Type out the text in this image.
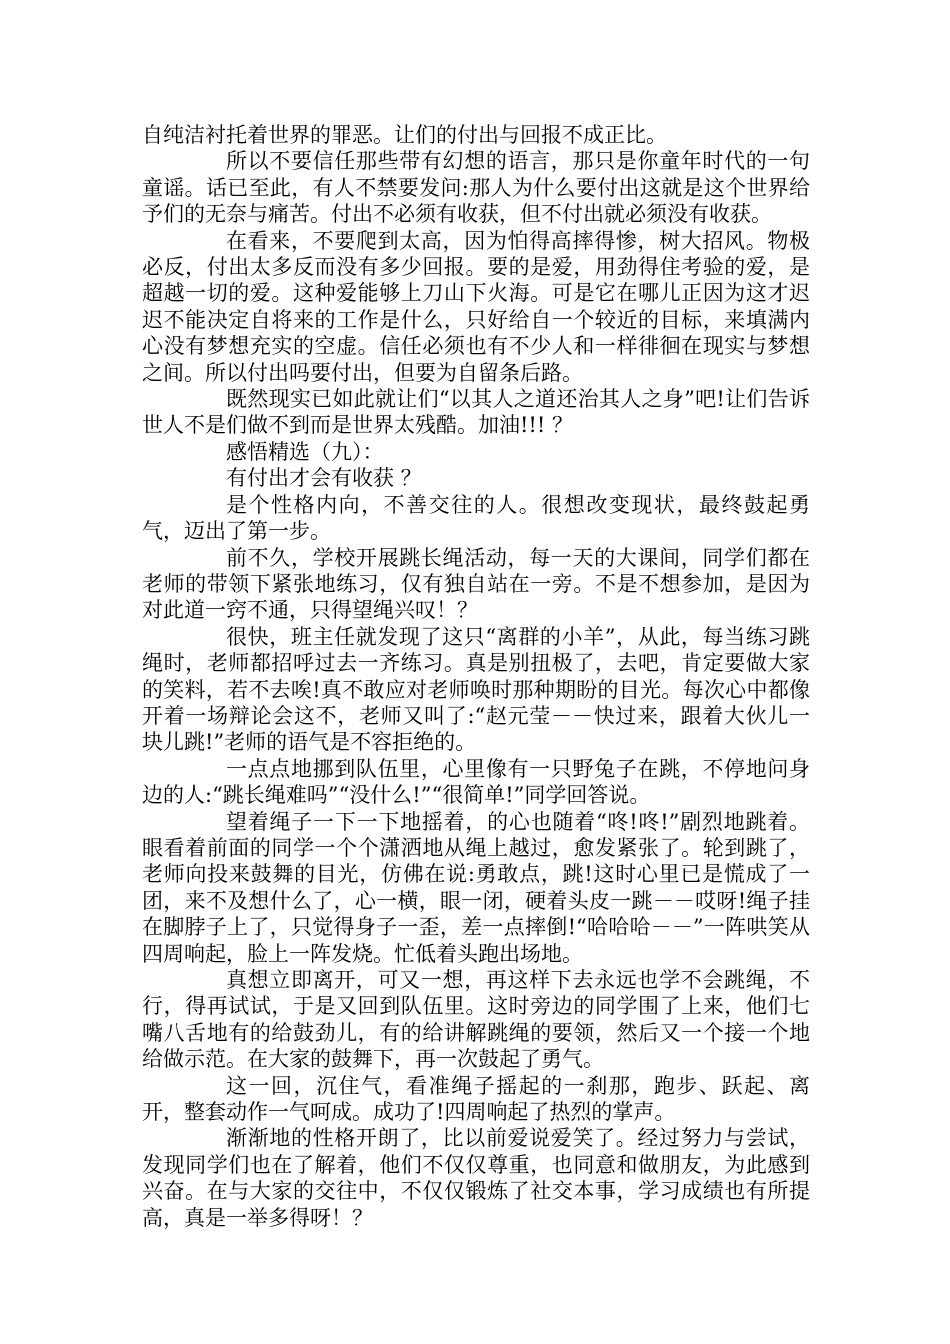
自纯洁衬托着世界的罪恶。让们的付出与回报不成正比。

所以不要信任那些带有幻想的语言，那只是你童年时代的一句童谣。话已至此，有人不禁要发问:那人为什么要付出这就是这个世界给予们的无奈与痛苦。付出不必须有收获，但不付出就必须没有收获。

在看来，不要爬到太高，因为怕得高摔得惨，树大招风。物极必反，付出太多反而没有多少回报。要的是爱，用劲得住考验的爱，是超越一切的爱。这种爱能够上刀山下火海。可是它在哪儿正因为这才迟迟不能决定自将来的工作是什么，只好给自一个较近的目标，来填满内心没有梦想充实的空虚。信任必须也有不少人和一样徘徊在现实与梦想之间。所以付出吗要付出，但要为自留条后路。

既然现实已如此就让们“以其人之道还治其人之身”吧!让们告诉世人不是们做不到而是世界太残酷。加油!!! ？

感悟精选（九）：

有付出才会有收获 ？

是个性格内向，不善交往的人。很想改变现状，最终鼓起勇气，迈出了第一步。

前不久，学校开展跳长绳活动，每一天的大课间，同学们都在老师的带领下紧张地练习，仅有独自站在一旁。不是不想参加，是因为对此道一窍不通，只得望绳兴叹！？

很快，班主任就发现了这只“离群的小羊”，从此，每当练习跳绳时，老师都招呼过去一齐练习。真是别扭极了，去吧，肯定要做大家的笑料，若不去唉!真不敢应对老师唤时那种期盼的目光。每次心中都像开着一场辩论会这不，老师又叫了:“赵元莹－－快过来，跟着大伙儿一块儿跳!”老师的语气是不容拒绝的。

一点点地挪到队伍里，心里像有一只野兔子在跳，不停地问身边的人:“跳长绳难吗”“没什么!”“很简单!”同学回答说。

望着绳子一下一下地摇着，的心也随着“咚!咚!”剧烈地跳着。眼看着前面的同学一个个潇洒地从绳上越过，愈发紧张了。轮到跳了，老师向投来鼓舞的目光，仿佛在说:勇敢点，跳!这时心里已是慌成了一团，来不及想什么了，心一横，眼一闭，硬着头皮一跳－－哎呀!绳子挂在脚脖子上了，只觉得身子一歪，差一点摔倒!“哈哈哈－－”一阵哄笑从四周响起，脸上一阵发烧。忙低着头跑出场地。

真想立即离开，可又一想，再这样下去永远也学不会跳绳，不行，得再试试，于是又回到队伍里。这时旁边的同学围了上来，他们七嘴八舌地有的给鼓劲儿，有的给讲解跳绳的要领，然后又一个接一个地给做示范。在大家的鼓舞下，再一次鼓起了勇气。

这一回，沉住气，看准绳子摇起的一刹那，跑步、跃起、离开，整套动作一气呵成。成功了!四周响起了热烈的掌声。

渐渐地的性格开朗了，比以前爱说爱笑了。经过努力与尝试，发现同学们也在了解着，他们不仅仅尊重，也同意和做朋友，为此感到兴奋。在与大家的交往中，不仅仅锻炼了社交本事，学习成绩也有所提高，真是一举多得呀！？
